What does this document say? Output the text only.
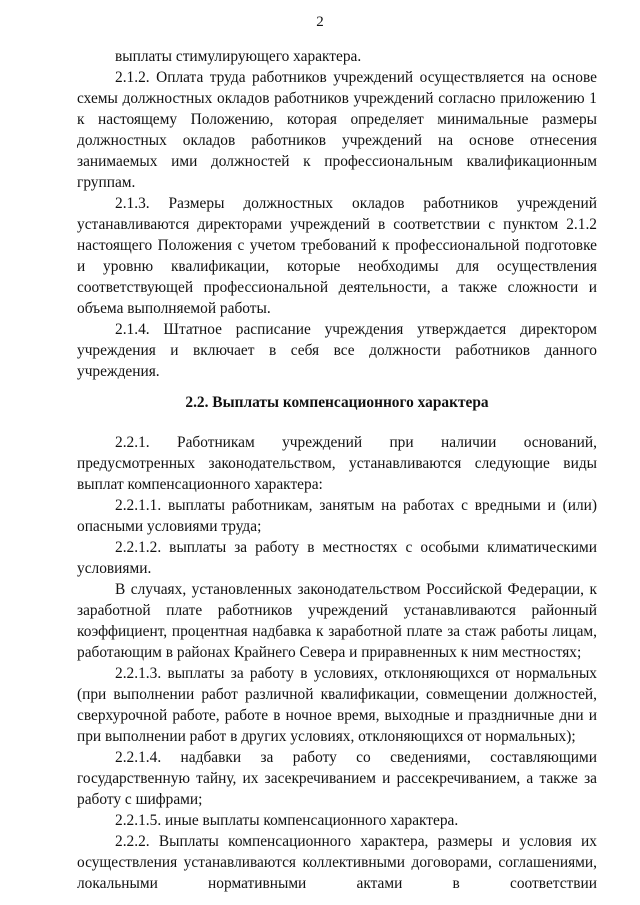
2

выплаты стимулирующего характера.

2.1.2. Оплата труда работников учреждений осуществляется на основе схемы должностных окладов работников учреждений согласно приложению 1 к настоящему Положению, которая определяет минимальные размеры должностных окладов работников учреждений на основе отнесения занимаемых ими должностей к профессиональным квалификационным группам.

2.1.3. Размеры должностных окладов работников учреждений устанавливаются директорами учреждений в соответствии с пунктом 2.1.2 настоящего Положения с учетом требований к профессиональной подготовке и уровню квалификации, которые необходимы для осуществления соответствующей профессиональной деятельности, а также сложности и объема выполняемой работы.

2.1.4. Штатное расписание учреждения утверждается директором учреждения и включает в себя все должности работников данного учреждения.

2.2. Выплаты компенсационного характера

2.2.1. Работникам учреждений при наличии оснований, предусмотренных законодательством, устанавливаются следующие виды выплат компенсационного характера:

2.2.1.1. выплаты работникам, занятым на работах с вредными и (или) опасными условиями труда;

2.2.1.2. выплаты за работу в местностях с особыми климатическими условиями.

В случаях, установленных законодательством Российской Федерации, к заработной плате работников учреждений устанавливаются районный коэффициент, процентная надбавка к заработной плате за стаж работы лицам, работающим в районах Крайнего Севера и приравненных к ним местностях;

2.2.1.3. выплаты за работу в условиях, отклоняющихся от нормальных (при выполнении работ различной квалификации, совмещении должностей, сверхурочной работе, работе в ночное время, выходные и праздничные дни и при выполнении работ в других условиях, отклоняющихся от нормальных);

2.2.1.4. надбавки за работу со сведениями, составляющими государственную тайну, их засекречиванием и рассекречиванием, а также за работу с шифрами;

2.2.1.5. иные выплаты компенсационного характера.

2.2.2. Выплаты компенсационного характера, размеры и условия их осуществления устанавливаются коллективными договорами, соглашениями, локальными нормативными актами в соответствии
